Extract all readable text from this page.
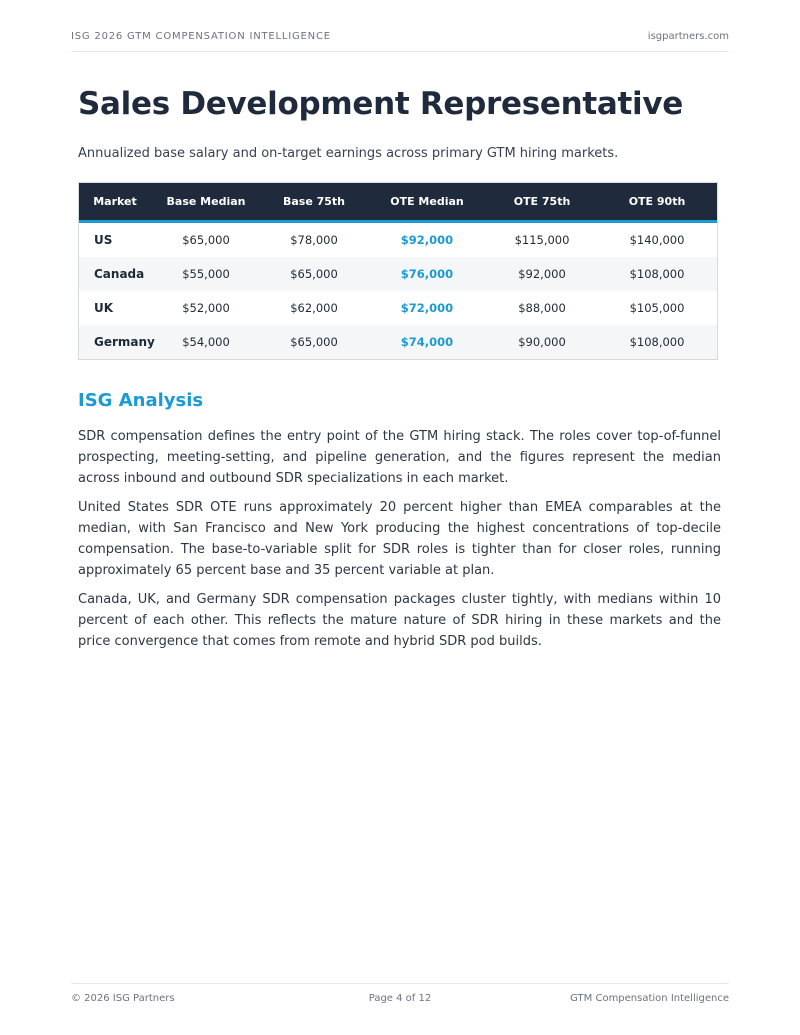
ISG 2026 GTM COMPENSATION INTELLIGENCE	isgpartners.com
Sales Development Representative

Annualized base salary and on-target earnings across primary GTM hiring markets.

Market	Base Median	Base 75th	OTE Median	OTE 75th	OTE 90th
US	$65,000	$78,000	$92,000	$115,000	$140,000
Canada	$55,000	$65,000	$76,000	$92,000	$108,000
UK	$52,000	$62,000	$72,000	$88,000	$105,000
Germany	$54,000	$65,000	$74,000	$90,000	$108,000
ISG Analysis

SDR compensation defines the entry point of the GTM hiring stack. The roles cover top-of-funnel prospecting, meeting-setting, and pipeline generation, and the figures represent the median across inbound and outbound SDR specializations in each market.

United States SDR OTE runs approximately 20 percent higher than EMEA comparables at the median, with San Francisco and New York producing the highest concentrations of top-decile compensation. The base-to-variable split for SDR roles is tighter than for closer roles, running approximately 65 percent base and 35 percent variable at plan.

Canada, UK, and Germany SDR compensation packages cluster tightly, with medians within 10 percent of each other. This reflects the mature nature of SDR hiring in these markets and the price convergence that comes from remote and hybrid SDR pod builds.

© 2026 ISG Partners	Page 4 of 12	GTM Compensation Intelligence
